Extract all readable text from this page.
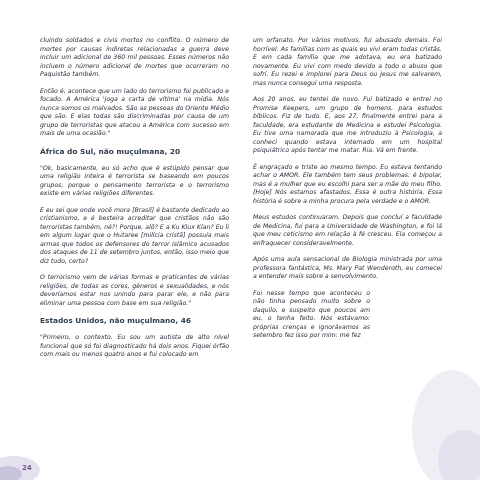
cluindo soldados e civis mortos no conflito. O número de mortes por causas indiretas relacionadas a guerra deve incluir um adicional de 360 mil pessoas. Esses números não incluem o número adicional de mortes que ocorreram no Paquistão também.

Então é, acontece que um lado do terrorismo foi publicado e focado. A América 'joga a carta de vítima' na mídia. Nós nunca somos os malvados. São as pessoas do Oriente Médio que são. E elas todas são discriminadas por causa de um grupo de terroristas que atacou a América com sucesso em mais de uma ocasião."

África do Sul, não muçulmana, 20

"Ok, basicamente, eu só acho que é estúpido pensar que uma religião inteira é terrorista se baseando em poucos grupos, porque o pensamento terrorista e o terrorismo existe em várias religiões diferentes.

E eu sei que onde você mora [Brasil] é bastante dedicado ao cristianismo, e é besteira acreditar que cristãos não são terroristas também, né?! Porque, alô? E a Ku Klux Klan? Eu li em algum lugar que o Hutaree [milícia cristã] possuía mais armas que todos os defensores do terror islâmico acusados dos ataques de 11 de setembro juntos, então, isso meio que diz tudo, certo?

O terrorismo vem de várias formas e praticantes de várias religiões, de todas as cores, gêneros e sexualidades, e nós deveríamos estar nos unindo para parar ele, e não para eliminar uma pessoa com base em sua religião."

Estados Unidos, não muçulmano, 46

"Primeiro, o contexto. Eu sou um autista de alto nível funcional que só foi diagnosticado há dois anos. Fiquei órfão com mais ou menos quatro anos e fui colocado em

um orfanato. Por vários motivos, fui abusado demais. Foi horrível. As famílias com as quais eu vivi eram todas cristãs. E em cada família que me adotava, eu era batizado novamente. Eu vivi com medo devido a todo o abuso que sofri. Eu rezei e implorei para Deus ou Jesus me salvarem, mas nunca consegui uma resposta.

Aos 20 anos, eu tentei de novo. Fui batizado e entrei no Promise Keepers, um grupo de homens, para estudos bíblicos. Fiz de tudo. E, aos 27, finalmente entrei para a faculdade, era estudante de Medicina e estudei Psicologia. Eu tive uma namorada que me introduziu à Psicologia, a conheci quando estava internado em um hospital psiquiátrico após tentar me matar. Ria. Vá em frente.

É engraçado e triste ao mesmo tempo. Eu estava tentando achar o AMOR. Ele também tem seus problemas: é bipolar, mas é a mulher que eu escolhi para ser a mãe do meu filho. [Hoje] Nós estamos afastados. Essa é outra história. Essa história é sobre a minha procura pela verdade e o AMOR.

Meus estudos continuaram. Depois que concluí a faculdade de Medicina, fui para a Universidade de Washington, e foi lá que meu ceticismo em relação à fé cresceu. Ela começou a enfraquecer consideravelmente.

Após uma aula sensacional de Biologia ministrada por uma professora fantástica, Ms. Mary Pat Wenderoth, eu comecei a entender mais sobre a senvolvimento.

Foi nesse tempo que aconteceu o não tinha pensado muito sobre o daquilo, e suspeito que poucos am eu, o tenha feito. Nós estávamo: próprias crenças e ignorávamos as setembro fez isso por mim: me fez

24
